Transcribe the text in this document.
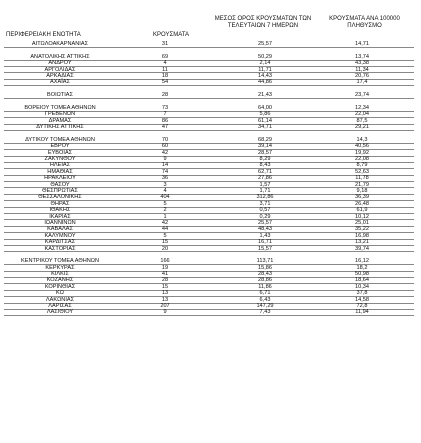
ΠΕΡΙΦΕΡΕΙΑΚΗ ΕΝΟΤΗΤΑ	ΚΡΟΥΣΜΑΤΑ
ΜΕΣΟΣ ΟΡΟΣ ΚΡΟΥΣΜΑΤΩΝ ΤΩΝ ΤΕΛΕΥΤΑΙΩΝ 7 ΗΜΕΡΩΝ
ΚΡΟΥΣΜΑΤΑ ΑΝΑ 100000 ΠΛΗΘΥΣΜΟ
ΑΙΤΩΛΟΑΚΑΡΝΑΝΙΑΣ	31	25,57	14,71
ΑΝΑΤΟΛΙΚΗΣ ΑΤΤΙΚΗΣ	69	50,29	13,74
ΑΝΔΡΟΥ	4	2,14	43,38
ΑΡΓΟΛΙΔΑΣ	11	11,71	11,34
ΑΡΚΑΔΙΑΣ	18	14,43	20,76
ΑΧΑΪΑΣ	54	44,86	17,4
ΒΟΙΩΤΙΑΣ	28	21,43	23,74
ΒΟΡΕΙΟΥ ΤΟΜΕΑ ΑΘΗΝΩΝ	73	64,00	12,34
ΓΡΕΒΕΝΩΝ	7	5,86	22,04
ΔΡΑΜΑΣ	86	61,14	87,5
ΔΥΤΙΚΗΣ ΑΤΤΙΚΗΣ	47	34,71	29,21
ΔΥΤΙΚΟΥ ΤΟΜΕΑ ΑΘΗΝΩΝ	70	68,29	14,3
ΕΒΡΟΥ	60	39,14	40,56
ΕΥΒΟΙΑΣ	42	28,57	19,92
ΖΑΚΥΝΘΟΥ	9	8,29	22,08
ΗΛΕΙΑΣ	14	8,43	8,79
ΗΜΑΘΙΑΣ	74	62,71	52,63
ΗΡΑΚΛΕΙΟΥ	36	27,86	11,78
ΘΑΣΟΥ	3	1,57	21,79
ΘΕΣΠΡΩΤΙΑΣ	4	1,71	9,18
ΘΕΣΣΑΛΟΝΙΚΗΣ	404	312,86	36,39
ΘΗΡΑΣ	5	3,71	26,48
ΙΘΑΚΗΣ	2	0,57	61,9
ΙΚΑΡΙΑΣ	1	0,29	10,12
ΙΩΑΝΝΙΝΩΝ	42	25,57	25,01
ΚΑΒΑΛΑΣ	44	48,43	35,22
ΚΑΛΥΜΝΟΥ	5	1,43	16,98
ΚΑΡΔΙΤΣΑΣ	15	16,71	13,21
ΚΑΣΤΟΡΙΑΣ	20	15,57	39,74
ΚΕΝΤΡΙΚΟΥ ΤΟΜΕΑ ΑΘΗΝΩΝ	166	113,71	16,12
ΚΕΡΚΥΡΑΣ	19	15,86	18,2
ΚΙΛΚΙΣ	41	28,43	50,98
ΚΟΖΑΝΗΣ	28	28,86	18,64
ΚΟΡΙΝΘΙΑΣ	15	11,86	10,34
ΚΩ	13	6,71	37,8
ΛΑΚΩΝΙΑΣ	13	6,43	14,58
ΛΑΡΙΣΑΣ	207	147,29	72,8
ΛΑΣΙΘΙΟΥ	9	7,43	11,94
